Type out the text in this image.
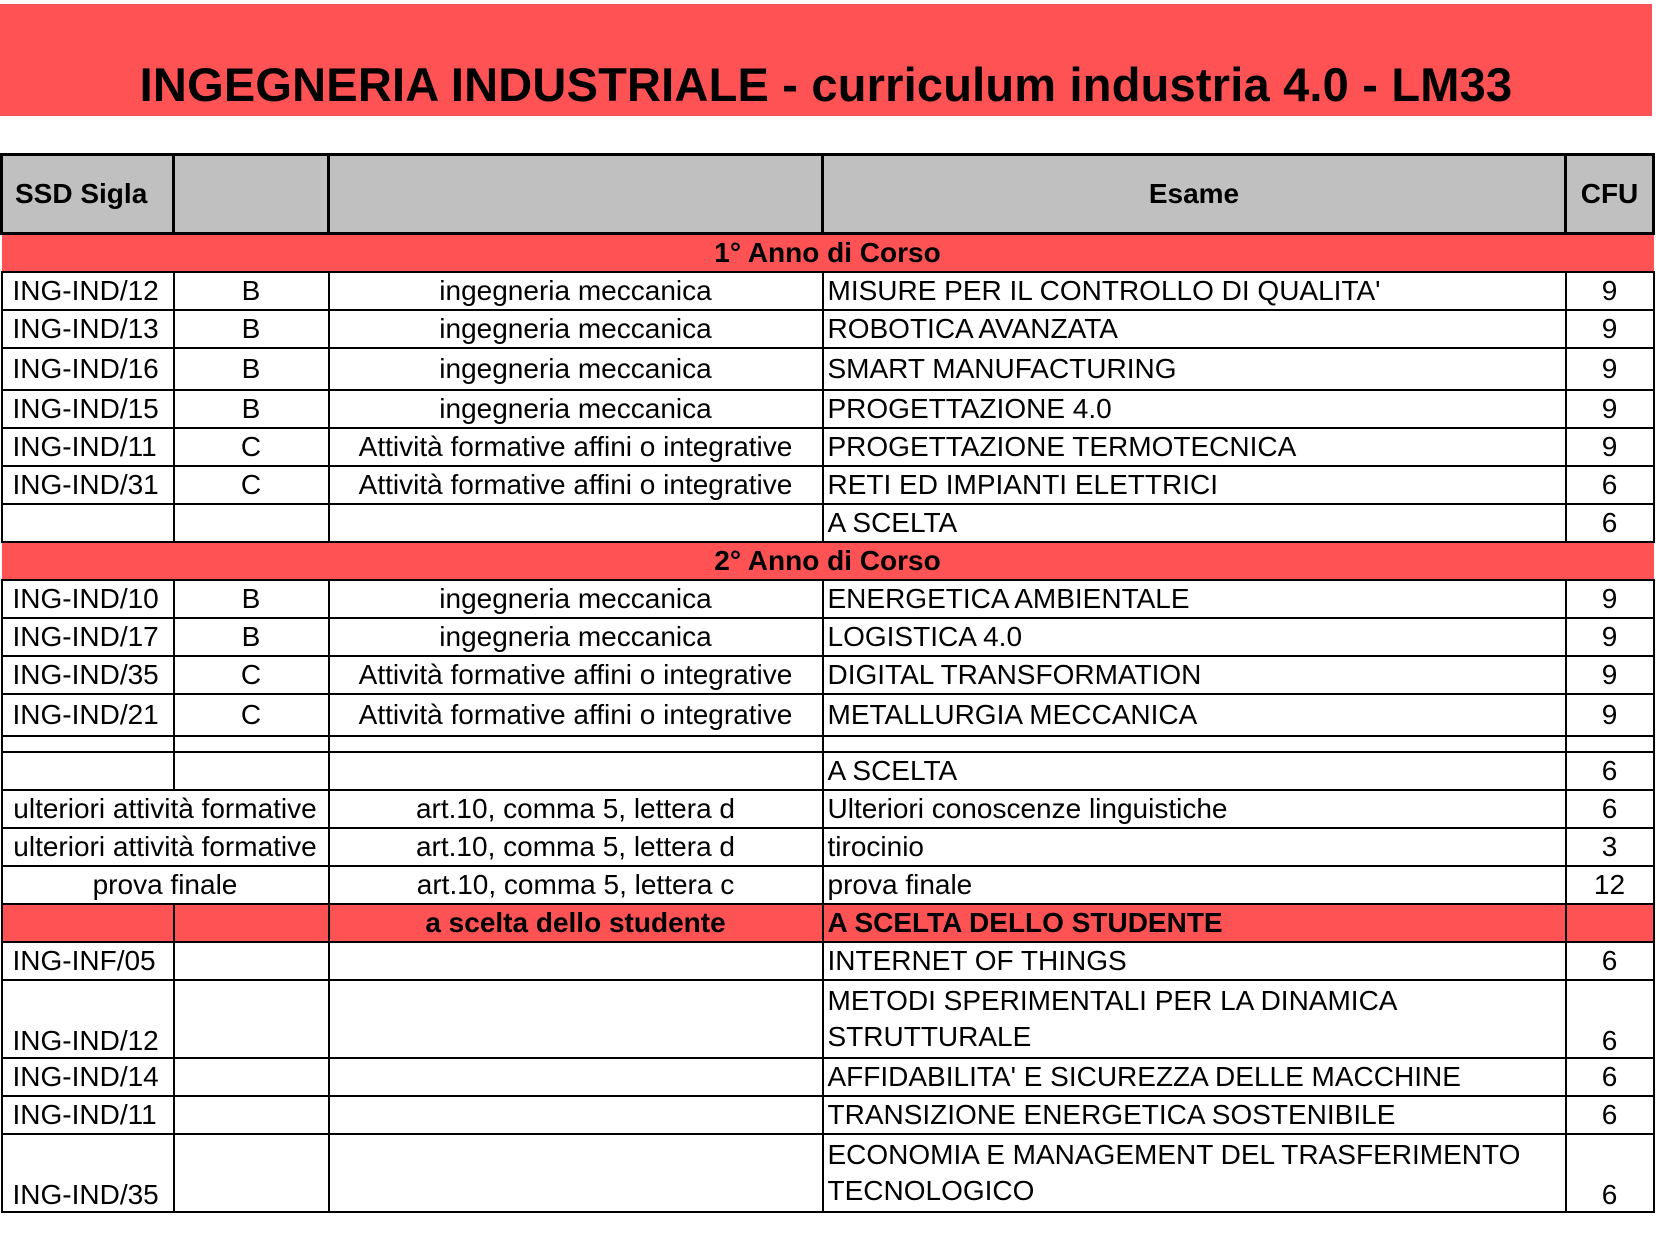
INGEGNERIA INDUSTRIALE - curriculum industria 4.0 - LM33
SSD Sigla			Esame	CFU
1° Anno di Corso				
ING-IND/12	B	ingegneria meccanica	MISURE PER IL CONTROLLO DI QUALITA'	9
ING-IND/13	B	ingegneria meccanica	ROBOTICA AVANZATA	9
ING-IND/16	B	ingegneria meccanica	SMART MANUFACTURING	9
ING-IND/15	B	ingegneria meccanica	PROGETTAZIONE 4.0	9
ING-IND/11	C	Attività formative affini o integrative	PROGETTAZIONE TERMOTECNICA	9
ING-IND/31	C	Attività formative affini o integrative	RETI ED IMPIANTI ELETTRICI	6
			A SCELTA	6
2° Anno di Corso				
ING-IND/10	B	ingegneria meccanica	ENERGETICA AMBIENTALE	9
ING-IND/17	B	ingegneria meccanica	LOGISTICA 4.0	9
ING-IND/35	C	Attività formative affini o integrative	DIGITAL TRANSFORMATION	9
ING-IND/21	C	Attività formative affini o integrative	METALLURGIA MECCANICA	9

			A SCELTA	6
ulteriori attività formative		art.10, comma 5, lettera d	Ulteriori conoscenze linguistiche	6
ulteriori attività formative		art.10, comma 5, lettera d	tirocinio	3
prova finale		art.10, comma 5, lettera c	prova finale	12
		a scelta dello studente	A SCELTA DELLO STUDENTE	
ING-INF/05			INTERNET OF THINGS	6
ING-IND/12			METODI SPERIMENTALI PER LA DINAMICA STRUTTURALE	6
ING-IND/14			AFFIDABILITA' E SICUREZZA DELLE MACCHINE	6
ING-IND/11			TRANSIZIONE ENERGETICA SOSTENIBILE	6
ING-IND/35			ECONOMIA E MANAGEMENT DEL TRASFERIMENTO TECNOLOGICO	6
